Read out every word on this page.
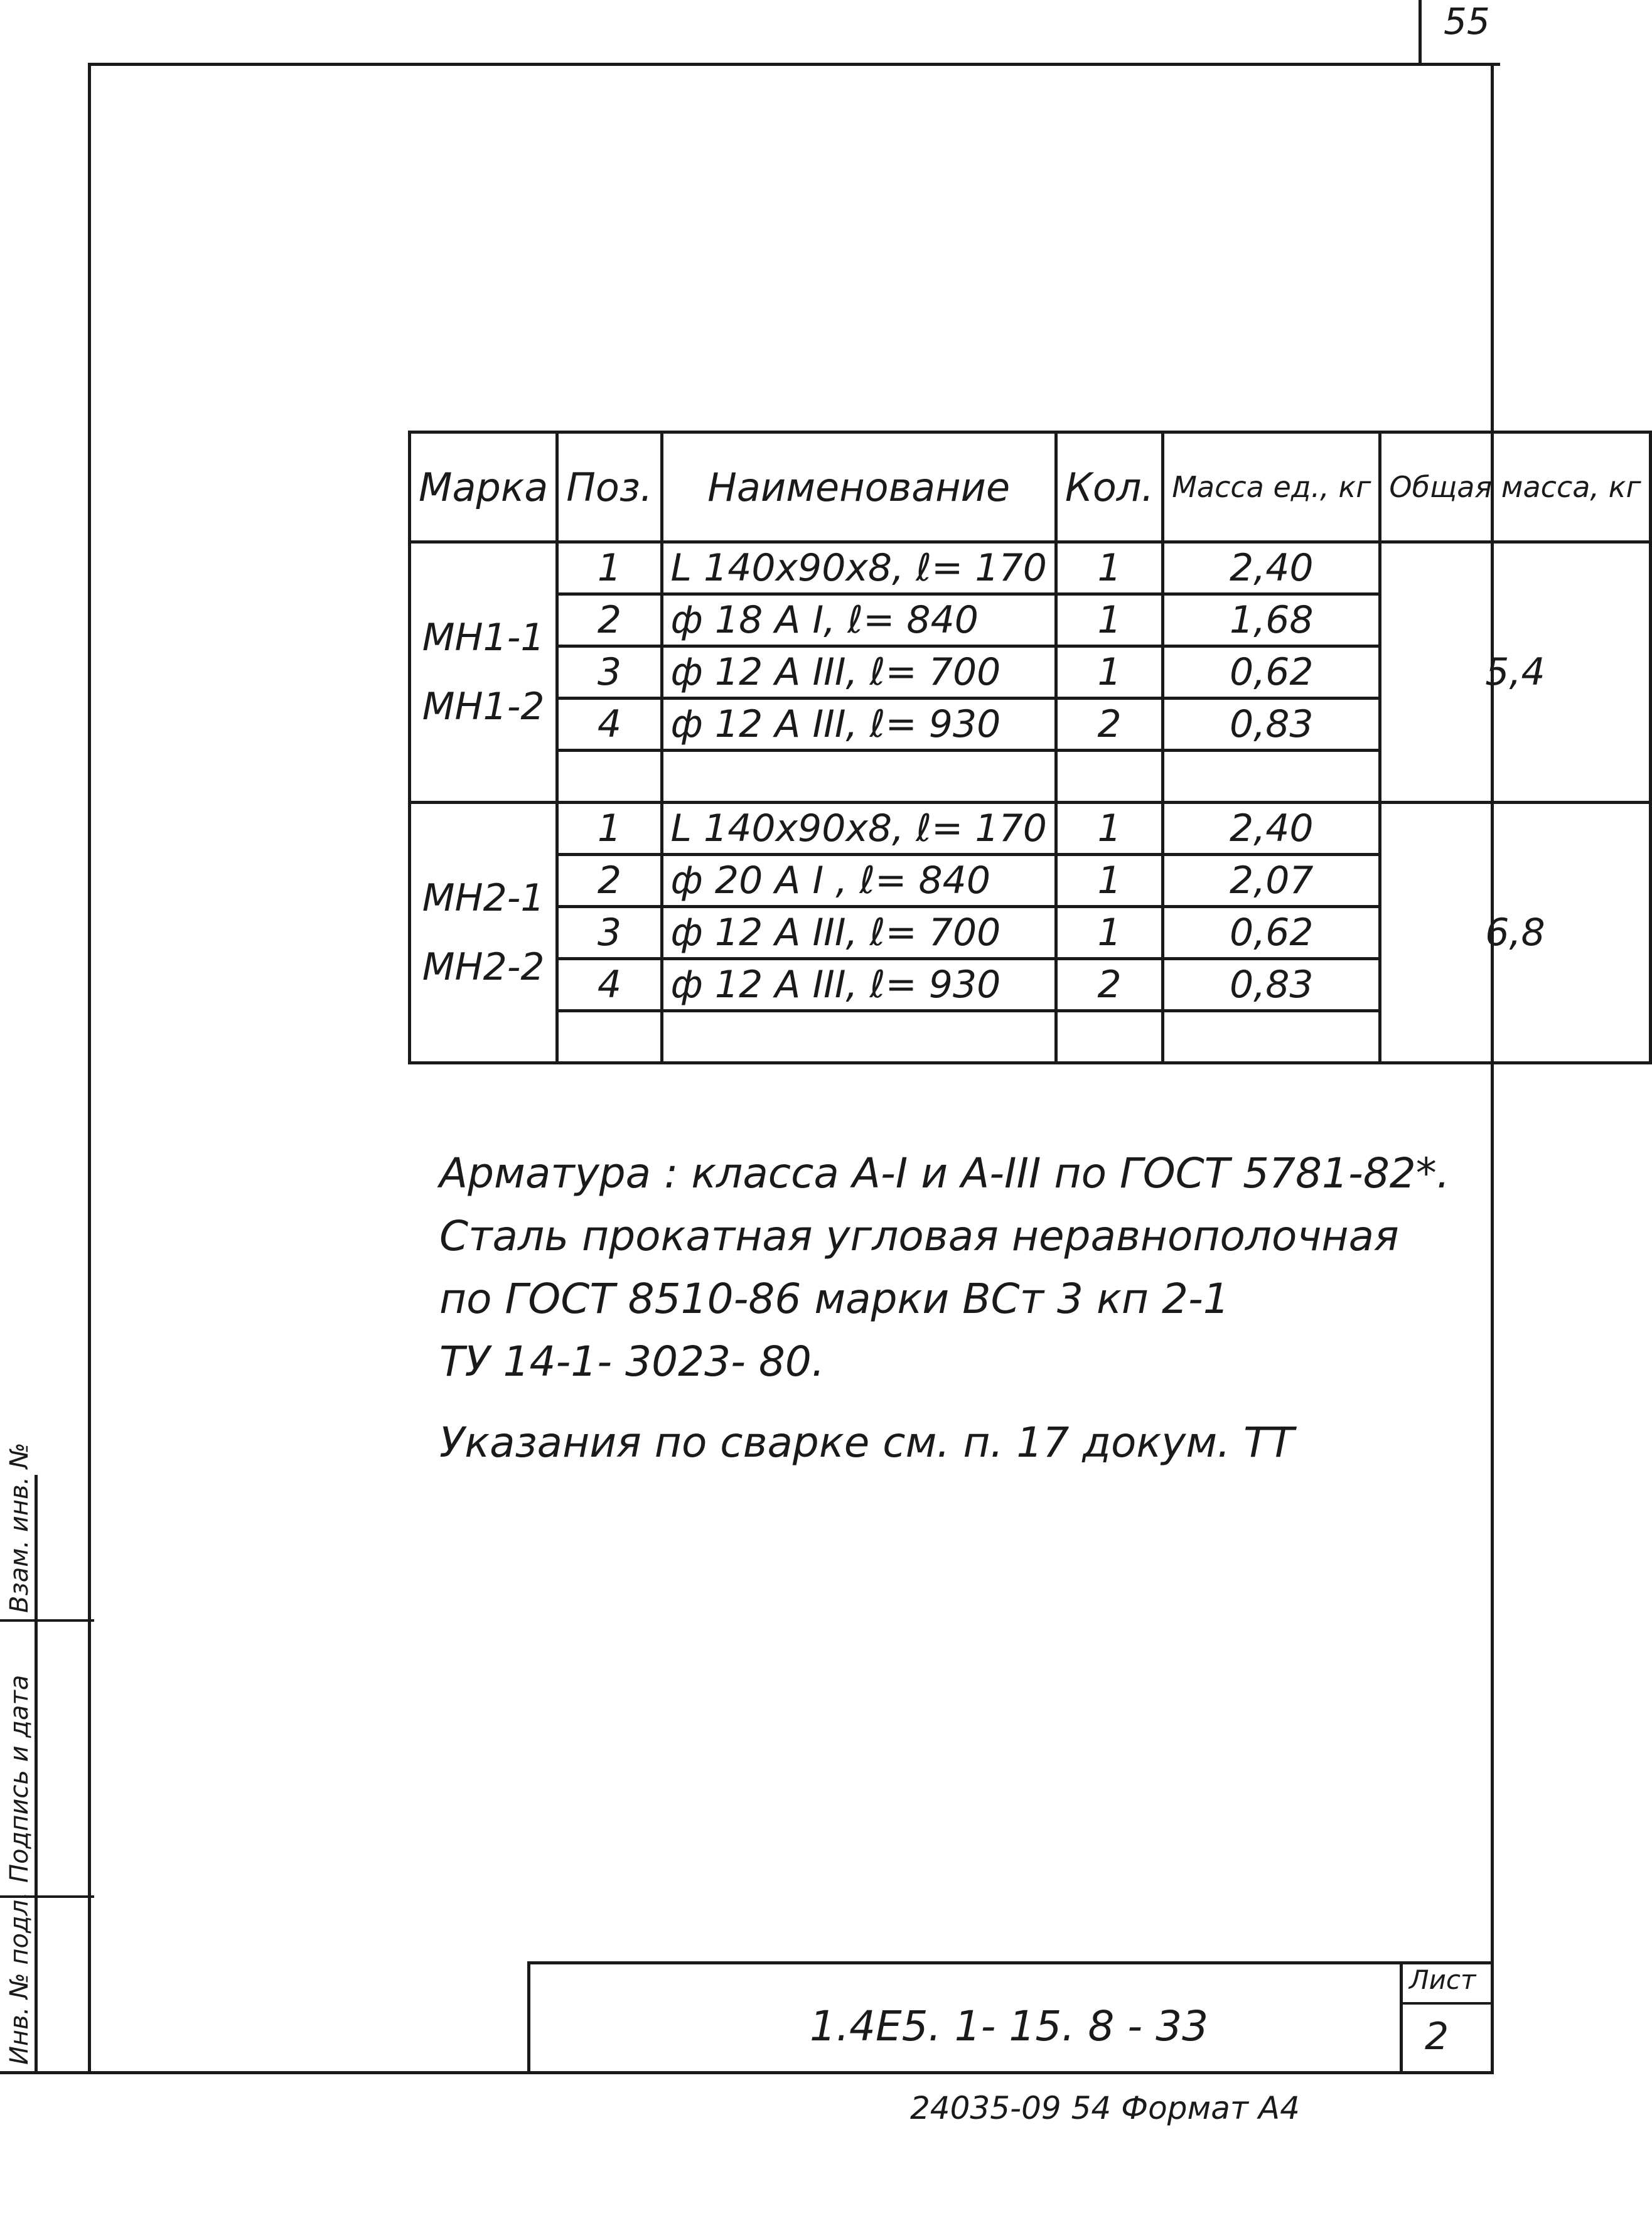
55
Марка	Поз.	Наименование	Кол.	Масса ед., кг	Общая масса, кг
МН1-1
МН1-2	1	L 140x90x8, ℓ= 170	1	2,40	5,4
	2	ф 18 А I, ℓ= 840	1	1,68	
	3	ф 12 А III, ℓ= 700	1	0,62	
	4	ф 12 А III, ℓ= 930	2	0,83	

МН2-1
МН2-2	1	L 140x90x8, ℓ= 170	1	2,40	6,8
	2	ф 20 А I , ℓ= 840	1	2,07	
	3	ф 12 А III, ℓ= 700	1	0,62	
	4	ф 12 А III, ℓ= 930	2	0,83	

Арматура : класса А-I и А-III по ГОСТ 5781-82*.
Сталь прокатная угловая неравнополочная
по ГОСТ 8510-86 марки ВСт 3 кп 2-1
ТУ 14-1- 3023- 80.
Указания по сварке см. п. 17 докум. ТТ
1.4Е5. 1- 15. 8 - 33
Лист
2
24035-09 54 Формат А4
Инв. № подл.
Подпись и дата
Взам. инв. №
